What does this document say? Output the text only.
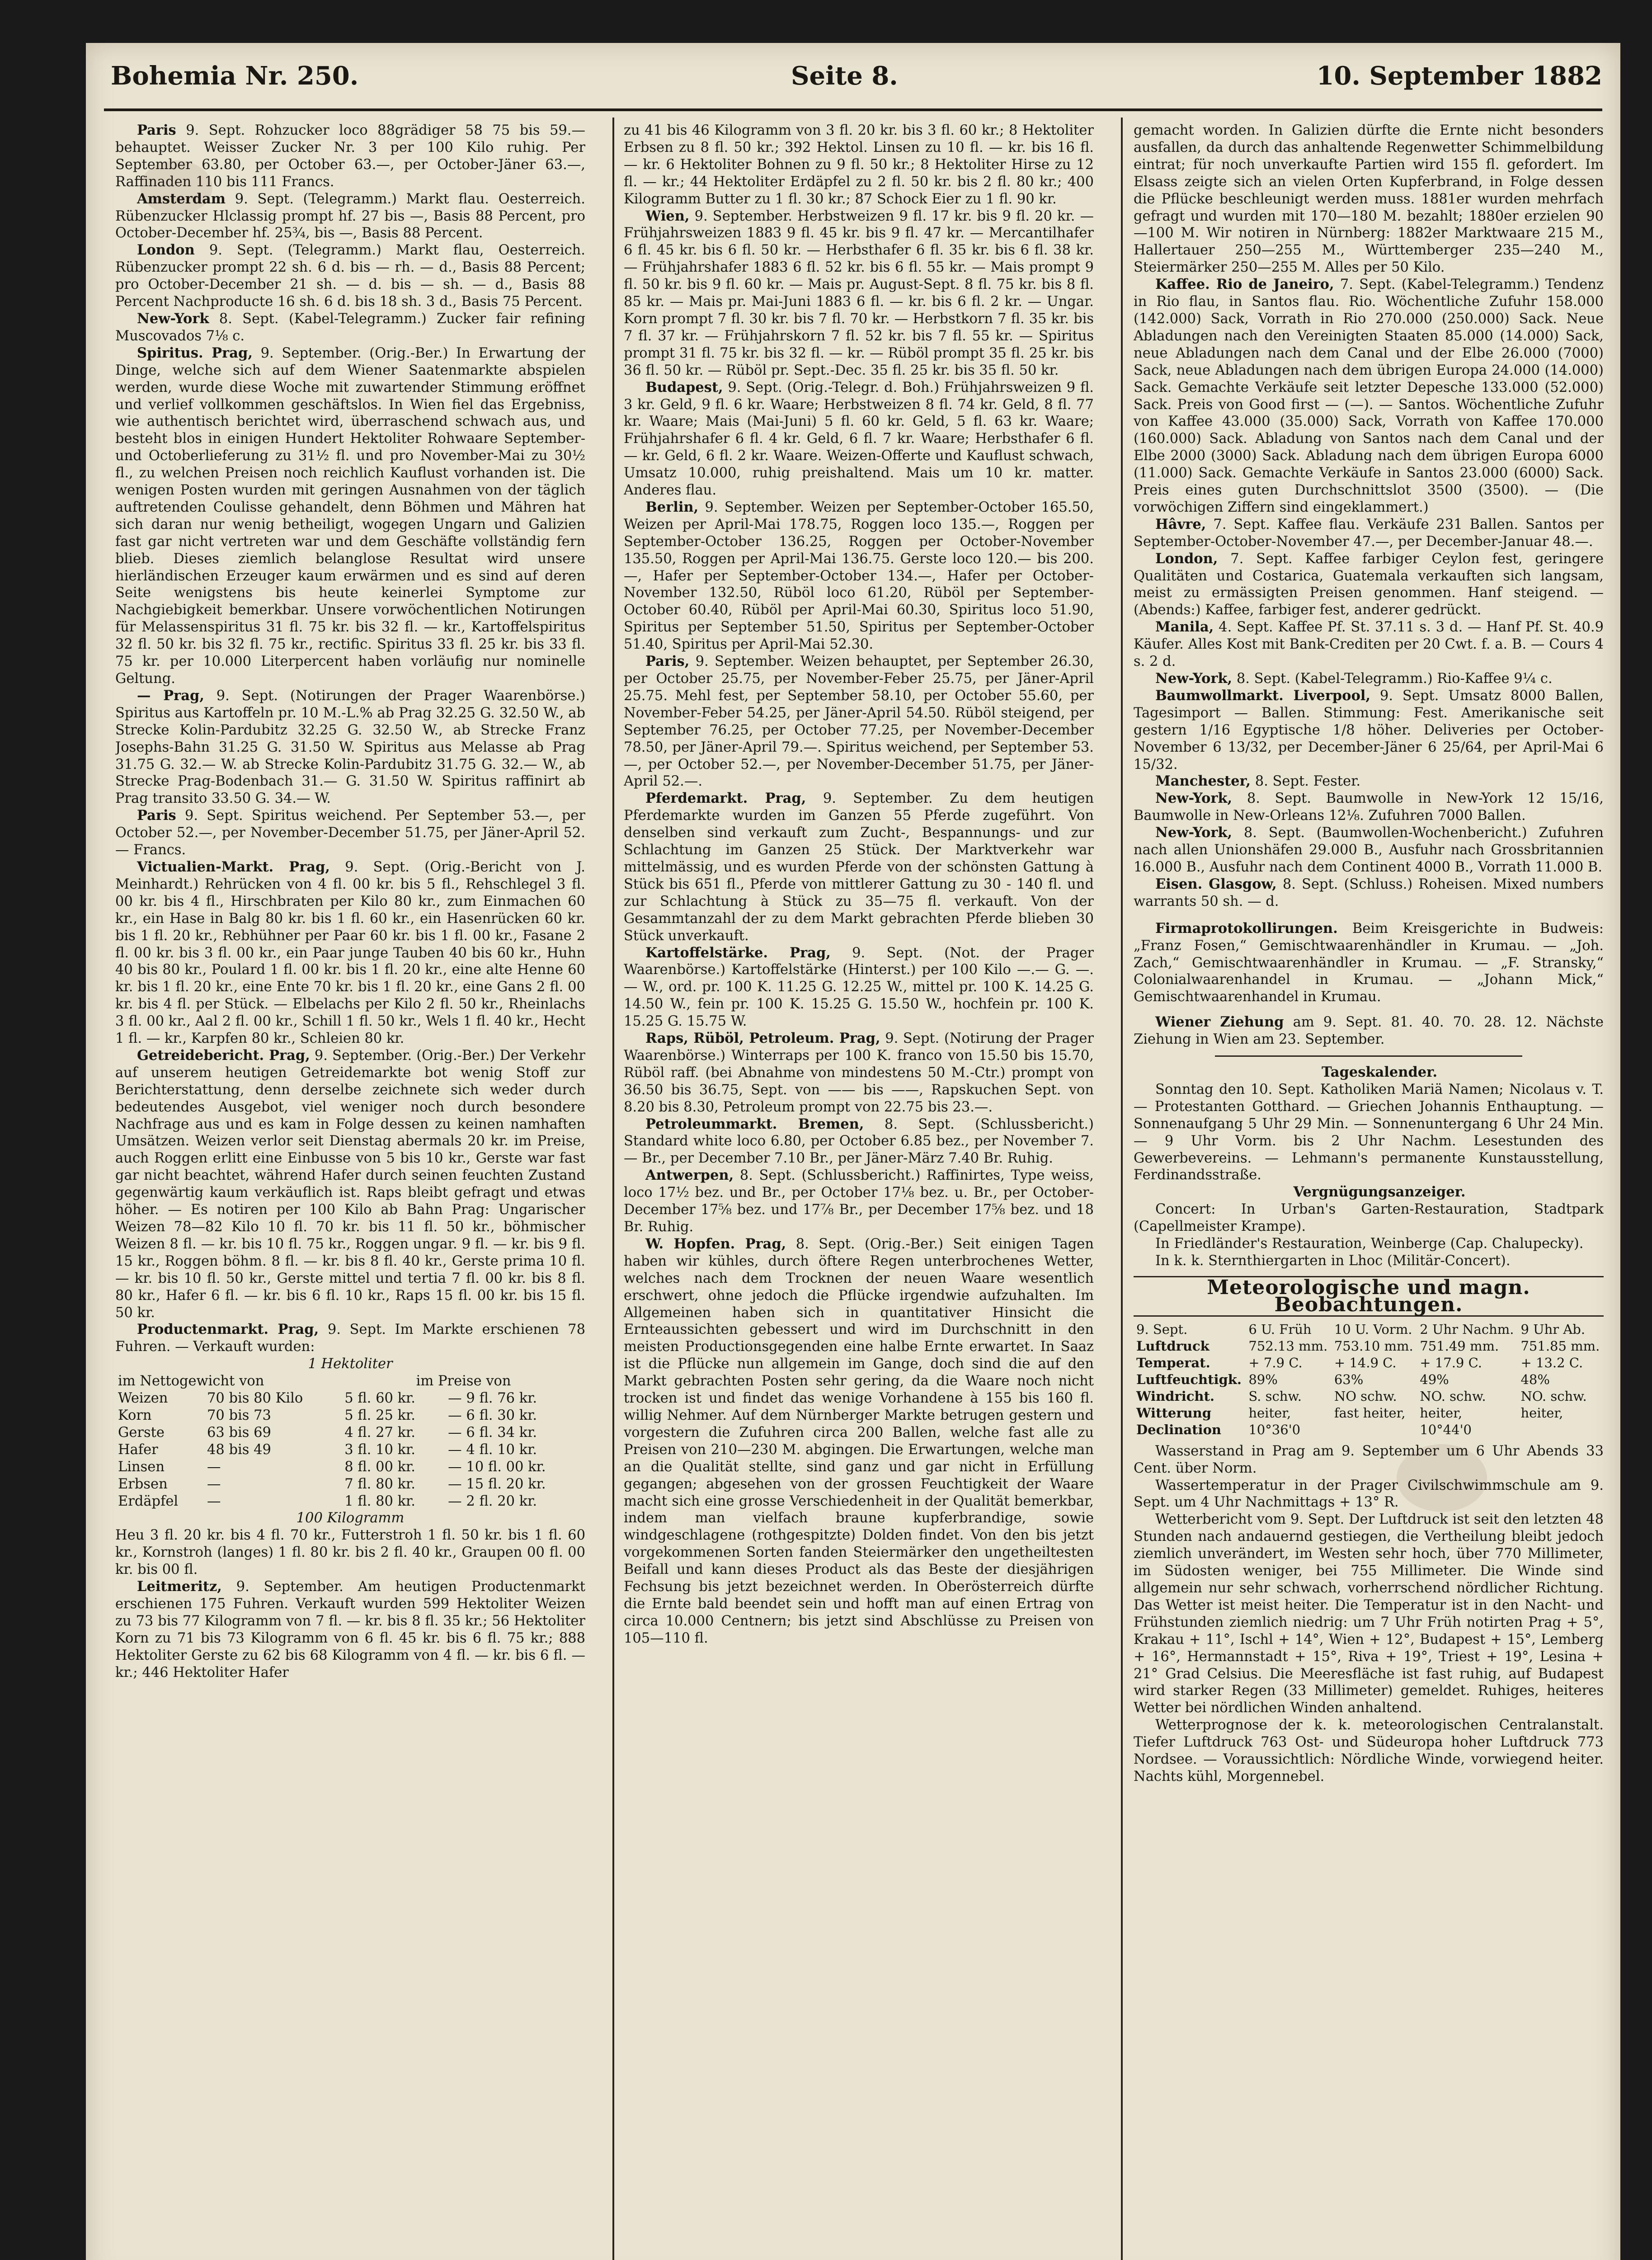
Bohemia Nr. 250.	Seite 8.	10. September 1882

Paris 9. Sept. Rohzucker loco 88grädiger 58 75 bis 59.— behauptet. Weisser Zucker Nr. 3 per 100 Kilo ruhig. Per September 63.80, per October 63.—, per October-Jäner 63.—, Raffinaden 110 bis 111 Francs.

Amsterdam 9. Sept. (Telegramm.) Markt flau. Oesterreich. Rübenzucker Hlclassig prompt hf. 27 bis —, Basis 88 Percent, pro October-December hf. 25¾, bis —, Basis 88 Percent.

London 9. Sept. (Telegramm.) Markt flau, Oesterreich. Rübenzucker prompt 22 sh. 6 d. bis — rh. — d., Basis 88 Percent; pro October-December 21 sh. — d. bis — sh. — d., Basis 88 Percent Nachproducte 16 sh. 6 d. bis 18 sh. 3 d., Basis 75 Percent.

New-York 8. Sept. (Kabel-Telegramm.) Zucker fair refining Muscovados 7⅛ c.

Spiritus. Prag, 9. September. (Orig.-Ber.) In Erwartung der Dinge, welche sich auf dem Wiener Saatenmarkte abspielen werden, wurde diese Woche mit zuwartender Stimmung eröffnet und verlief vollkommen geschäftslos. In Wien fiel das Ergebniss, wie authentisch berichtet wird, überraschend schwach aus, und besteht blos in einigen Hundert Hektoliter Rohwaare September- und Octoberlieferung zu 31½ fl. und pro November-Mai zu 30½ fl., zu welchen Preisen noch reichlich Kauflust vorhanden ist. Die wenigen Posten wurden mit geringen Ausnahmen von der täglich auftretenden Coulisse gehandelt, denn Böhmen und Mähren hat sich daran nur wenig betheiligt, wogegen Ungarn und Galizien fast gar nicht vertreten war und dem Geschäfte vollständig fern blieb. Dieses ziemlich belanglose Resultat wird unsere hierländischen Erzeuger kaum erwärmen und es sind auf deren Seite wenigstens bis heute keinerlei Symptome zur Nachgiebigkeit bemerkbar. Unsere vorwöchentlichen Notirungen für Melassenspiritus 31 fl. 75 kr. bis 32 fl. — kr., Kartoffelspiritus 32 fl. 50 kr. bis 32 fl. 75 kr., rectific. Spiritus 33 fl. 25 kr. bis 33 fl. 75 kr. per 10.000 Literpercent haben vorläufig nur nominelle Geltung.

— Prag, 9. Sept. (Notirungen der Prager Waarenbörse.) Spiritus aus Kartoffeln pr. 10 M.-L.% ab Prag 32.25 G. 32.50 W., ab Strecke Kolin-Pardubitz 32.25 G. 32.50 W., ab Strecke Franz Josephs-Bahn 31.25 G. 31.50 W. Spiritus aus Melasse ab Prag 31.75 G. 32.— W. ab Strecke Kolin-Pardubitz 31.75 G. 32.— W., ab Strecke Prag-Bodenbach 31.— G. 31.50 W. Spiritus raffinirt ab Prag transito 33.50 G. 34.— W.

Paris 9. Sept. Spiritus weichend. Per September 53.—, per October 52.—, per November-December 51.75, per Jäner-April 52.— Francs.

Victualien-Markt. Prag, 9. Sept. (Orig.-Bericht von J. Meinhardt.) Rehrücken von 4 fl. 00 kr. bis 5 fl., Rehschlegel 3 fl. 00 kr. bis 4 fl., Hirschbraten per Kilo 80 kr., zum Einmachen 60 kr., ein Hase in Balg 80 kr. bis 1 fl. 60 kr., ein Hasenrücken 60 kr. bis 1 fl. 20 kr., Rebhühner per Paar 60 kr. bis 1 fl. 00 kr., Fasane 2 fl. 00 kr. bis 3 fl. 00 kr., ein Paar junge Tauben 40 bis 60 kr., Huhn 40 bis 80 kr., Poulard 1 fl. 00 kr. bis 1 fl. 20 kr., eine alte Henne 60 kr. bis 1 fl. 20 kr., eine Ente 70 kr. bis 1 fl. 20 kr., eine Gans 2 fl. 00 kr. bis 4 fl. per Stück. — Elbelachs per Kilo 2 fl. 50 kr., Rheinlachs 3 fl. 00 kr., Aal 2 fl. 00 kr., Schill 1 fl. 50 kr., Wels 1 fl. 40 kr., Hecht 1 fl. — kr., Karpfen 80 kr., Schleien 80 kr.

Getreidebericht. Prag, 9. September. (Orig.-Ber.) Der Verkehr auf unserem heutigen Getreidemarkte bot wenig Stoff zur Berichterstattung, denn derselbe zeichnete sich weder durch bedeutendes Ausgebot, viel weniger noch durch besondere Nachfrage aus und es kam in Folge dessen zu keinen namhaften Umsätzen. Weizen verlor seit Dienstag abermals 20 kr. im Preise, auch Roggen erlitt eine Einbusse von 5 bis 10 kr., Gerste war fast gar nicht beachtet, während Hafer durch seinen feuchten Zustand gegenwärtig kaum verkäuflich ist. Raps bleibt gefragt und etwas höher. — Es notiren per 100 Kilo ab Bahn Prag: Ungarischer Weizen 78—82 Kilo 10 fl. 70 kr. bis 11 fl. 50 kr., böhmischer Weizen 8 fl. — kr. bis 10 fl. 75 kr., Roggen ungar. 9 fl. — kr. bis 9 fl. 15 kr., Roggen böhm. 8 fl. — kr. bis 8 fl. 40 kr., Gerste prima 10 fl. — kr. bis 10 fl. 50 kr., Gerste mittel und tertia 7 fl. 00 kr. bis 8 fl. 80 kr., Hafer 6 fl. — kr. bis 6 fl. 10 kr., Raps 15 fl. 00 kr. bis 15 fl. 50 kr.

Productenmarkt. Prag, 9. Sept. Im Markte erschienen 78 Fuhren. — Verkauft wurden:

1 Hektoliter

im Nettogewicht von		im Preise von	
Weizen	70 bis 80 Kilo	5 fl. 60 kr.	— 9 fl. 76 kr.
Korn	70 bis 73	5 fl. 25 kr.	— 6 fl. 30 kr.
Gerste	63 bis 69	4 fl. 27 kr.	— 6 fl. 34 kr.
Hafer	48 bis 49	3 fl. 10 kr.	— 4 fl. 10 kr.
Linsen	—	8 fl. 00 kr.	— 10 fl. 00 kr.
Erbsen	—	7 fl. 80 kr.	— 15 fl. 20 kr.
Erdäpfel	—	1 fl. 80 kr.	— 2 fl. 20 kr.

100 Kilogramm

Heu 3 fl. 20 kr. bis 4 fl. 70 kr., Futterstroh 1 fl. 50 kr. bis 1 fl. 60 kr., Kornstroh (langes) 1 fl. 80 kr. bis 2 fl. 40 kr., Graupen 00 fl. 00 kr. bis 00 fl.

Leitmeritz, 9. September. Am heutigen Productenmarkt erschienen 175 Fuhren. Verkauft wurden 599 Hektoliter Weizen zu 73 bis 77 Kilogramm von 7 fl. — kr. bis 8 fl. 35 kr.; 56 Hektoliter Korn zu 71 bis 73 Kilogramm von 6 fl. 45 kr. bis 6 fl. 75 kr.; 888 Hektoliter Gerste zu 62 bis 68 Kilogramm von 4 fl. — kr. bis 6 fl. — kr.; 446 Hektoliter Hafer

zu 41 bis 46 Kilogramm von 3 fl. 20 kr. bis 3 fl. 60 kr.; 8 Hektoliter Erbsen zu 8 fl. 50 kr.; 392 Hektol. Linsen zu 10 fl. — kr. bis 16 fl. — kr. 6 Hektoliter Bohnen zu 9 fl. 50 kr.; 8 Hektoliter Hirse zu 12 fl. — kr.; 44 Hektoliter Erdäpfel zu 2 fl. 50 kr. bis 2 fl. 80 kr.; 400 Kilogramm Butter zu 1 fl. 30 kr.; 87 Schock Eier zu 1 fl. 90 kr.

Wien, 9. September. Herbstweizen 9 fl. 17 kr. bis 9 fl. 20 kr. — Frühjahrsweizen 1883 9 fl. 45 kr. bis 9 fl. 47 kr. — Mercantilhafer 6 fl. 45 kr. bis 6 fl. 50 kr. — Herbsthafer 6 fl. 35 kr. bis 6 fl. 38 kr. — Frühjahrshafer 1883 6 fl. 52 kr. bis 6 fl. 55 kr. — Mais prompt 9 fl. 50 kr. bis 9 fl. 60 kr. — Mais pr. August-Sept. 8 fl. 75 kr. bis 8 fl. 85 kr. — Mais pr. Mai-Juni 1883 6 fl. — kr. bis 6 fl. 2 kr. — Ungar. Korn prompt 7 fl. 30 kr. bis 7 fl. 70 kr. — Herbstkorn 7 fl. 35 kr. bis 7 fl. 37 kr. — Frühjahrskorn 7 fl. 52 kr. bis 7 fl. 55 kr. — Spiritus prompt 31 fl. 75 kr. bis 32 fl. — kr. — Rüböl prompt 35 fl. 25 kr. bis 36 fl. 50 kr. — Rüböl pr. Sept.-Dec. 35 fl. 25 kr. bis 35 fl. 50 kr.

Budapest, 9. Sept. (Orig.-Telegr. d. Boh.) Frühjahrsweizen 9 fl. 3 kr. Geld, 9 fl. 6 kr. Waare; Herbstweizen 8 fl. 74 kr. Geld, 8 fl. 77 kr. Waare; Mais (Mai-Juni) 5 fl. 60 kr. Geld, 5 fl. 63 kr. Waare; Frühjahrshafer 6 fl. 4 kr. Geld, 6 fl. 7 kr. Waare; Herbsthafer 6 fl. — kr. Geld, 6 fl. 2 kr. Waare. Weizen-Offerte und Kauflust schwach, Umsatz 10.000, ruhig preishaltend. Mais um 10 kr. matter. Anderes flau.

Berlin, 9. September. Weizen per September-October 165.50, Weizen per April-Mai 178.75, Roggen loco 135.—, Roggen per September-October 136.25, Roggen per October-November 135.50, Roggen per April-Mai 136.75. Gerste loco 120.— bis 200.—, Hafer per September-October 134.—, Hafer per October-November 132.50, Rüböl loco 61.20, Rüböl per September-October 60.40, Rüböl per April-Mai 60.30, Spiritus loco 51.90, Spiritus per September 51.50, Spiritus per September-October 51.40, Spiritus per April-Mai 52.30.

Paris, 9. September. Weizen behauptet, per September 26.30, per October 25.75, per November-Feber 25.75, per Jäner-April 25.75. Mehl fest, per September 58.10, per October 55.60, per November-Feber 54.25, per Jäner-April 54.50. Rüböl steigend, per September 76.25, per October 77.25, per November-December 78.50, per Jäner-April 79.—. Spiritus weichend, per September 53.—, per October 52.—, per November-December 51.75, per Jäner-April 52.—.

Pferdemarkt. Prag, 9. September. Zu dem heutigen Pferdemarkte wurden im Ganzen 55 Pferde zugeführt. Von denselben sind verkauft zum Zucht-, Bespannungs- und zur Schlachtung im Ganzen 25 Stück. Der Marktverkehr war mittelmässig, und es wurden Pferde von der schönsten Gattung à Stück bis 651 fl., Pferde von mittlerer Gattung zu 30 - 140 fl. und zur Schlachtung à Stück zu 35—75 fl. verkauft. Von der Gesammtanzahl der zu dem Markt gebrachten Pferde blieben 30 Stück unverkauft.

Kartoffelstärke. Prag, 9. Sept. (Not. der Prager Waarenbörse.) Kartoffelstärke (Hinterst.) per 100 Kilo —.— G. —.— W., ord. pr. 100 K. 11.25 G. 12.25 W., mittel pr. 100 K. 14.25 G. 14.50 W., fein pr. 100 K. 15.25 G. 15.50 W., hochfein pr. 100 K. 15.25 G. 15.75 W.

Raps, Rüböl, Petroleum. Prag, 9. Sept. (Notirung der Prager Waarenbörse.) Winterraps per 100 K. franco von 15.50 bis 15.70, Rüböl raff. (bei Abnahme von mindestens 50 M.-Ctr.) prompt von 36.50 bis 36.75, Sept. von —— bis ——, Rapskuchen Sept. von 8.20 bis 8.30, Petroleum prompt von 22.75 bis 23.—.

Petroleummarkt. Bremen, 8. Sept. (Schlussbericht.) Standard white loco 6.80, per October 6.85 bez., per November 7.— Br., per December 7.10 Br., per Jäner-März 7.40 Br. Ruhig.

Antwerpen, 8. Sept. (Schlussbericht.) Raffinirtes, Type weiss, loco 17½ bez. und Br., per October 17⅛ bez. u. Br., per October-December 17⅝ bez. und 17⅞ Br., per December 17⅝ bez. und 18 Br. Ruhig.

W. Hopfen. Prag, 8. Sept. (Orig.-Ber.) Seit einigen Tagen haben wir kühles, durch öftere Regen unterbrochenes Wetter, welches nach dem Trocknen der neuen Waare wesentlich erschwert, ohne jedoch die Pflücke irgendwie aufzuhalten. Im Allgemeinen haben sich in quantitativer Hinsicht die Ernteaussichten gebessert und wird im Durchschnitt in den meisten Productionsgegenden eine halbe Ernte erwartet. In Saaz ist die Pflücke nun allgemein im Gange, doch sind die auf den Markt gebrachten Posten sehr gering, da die Waare noch nicht trocken ist und findet das wenige Vorhandene à 155 bis 160 fl. willig Nehmer. Auf dem Nürnberger Markte betrugen gestern und vorgestern die Zufuhren circa 200 Ballen, welche fast alle zu Preisen von 210—230 M. abgingen. Die Erwartungen, welche man an die Qualität stellte, sind ganz und gar nicht in Erfüllung gegangen; abgesehen von der grossen Feuchtigkeit der Waare macht sich eine grosse Verschiedenheit in der Qualität bemerkbar, indem man vielfach braune kupferbrandige, sowie windgeschlagene (rothgespitzte) Dolden findet. Von den bis jetzt vorgekommenen Sorten fanden Steiermärker den ungetheiltesten Beifall und kann dieses Product als das Beste der diesjährigen Fechsung bis jetzt bezeichnet werden. In Oberösterreich dürfte die Ernte bald beendet sein und hofft man auf einen Ertrag von circa 10.000 Centnern; bis jetzt sind Abschlüsse zu Preisen von 105—110 fl.

gemacht worden. In Galizien dürfte die Ernte nicht besonders ausfallen, da durch das anhaltende Regenwetter Schimmelbildung eintrat; für noch unverkaufte Partien wird 155 fl. gefordert. Im Elsass zeigte sich an vielen Orten Kupferbrand, in Folge dessen die Pflücke beschleunigt werden muss. 1881er wurden mehrfach gefragt und wurden mit 170—180 M. bezahlt; 1880er erzielen 90—100 M. Wir notiren in Nürnberg: 1882er Marktwaare 215 M., Hallertauer 250—255 M., Württemberger 235—240 M., Steiermärker 250—255 M. Alles per 50 Kilo.

Kaffee. Rio de Janeiro, 7. Sept. (Kabel-Telegramm.) Tendenz in Rio flau, in Santos flau. Rio. Wöchentliche Zufuhr 158.000 (142.000) Sack, Vorrath in Rio 270.000 (250.000) Sack. Neue Abladungen nach den Vereinigten Staaten 85.000 (14.000) Sack, neue Abladungen nach dem Canal und der Elbe 26.000 (7000) Sack, neue Abladungen nach dem übrigen Europa 24.000 (14.000) Sack. Gemachte Verkäufe seit letzter Depesche 133.000 (52.000) Sack. Preis von Good first — (—). — Santos. Wöchentliche Zufuhr von Kaffee 43.000 (35.000) Sack, Vorrath von Kaffee 170.000 (160.000) Sack. Abladung von Santos nach dem Canal und der Elbe 2000 (3000) Sack. Abladung nach dem übrigen Europa 6000 (11.000) Sack. Gemachte Verkäufe in Santos 23.000 (6000) Sack. Preis eines guten Durchschnittslot 3500 (3500). — (Die vorwöchigen Ziffern sind eingeklammert.)

Hâvre, 7. Sept. Kaffee flau. Verkäufe 231 Ballen. Santos per September-October-November 47.—, per December-Januar 48.—.

London, 7. Sept. Kaffee farbiger Ceylon fest, geringere Qualitäten und Costarica, Guatemala verkauften sich langsam, meist zu ermässigten Preisen genommen. Hanf steigend. — (Abends:) Kaffee, farbiger fest, anderer gedrückt.

Manila, 4. Sept. Kaffee Pf. St. 37.11 s. 3 d. — Hanf Pf. St. 40.9 Käufer. Alles Kost mit Bank-Crediten per 20 Cwt. f. a. B. — Cours 4 s. 2 d.

New-York, 8. Sept. (Kabel-Telegramm.) Rio-Kaffee 9¼ c.

Baumwollmarkt. Liverpool, 9. Sept. Umsatz 8000 Ballen, Tagesimport — Ballen. Stimmung: Fest. Amerikanische seit gestern 1/16 Egyptische 1/8 höher. Deliveries per October-November 6 13/32, per December-Jäner 6 25/64, per April-Mai 6 15/32.

Manchester, 8. Sept. Fester.

New-York, 8. Sept. Baumwolle in New-York 12 15/16, Baumwolle in New-Orleans 12⅛. Zufuhren 7000 Ballen.

New-York, 8. Sept. (Baumwollen-Wochenbericht.) Zufuhren nach allen Unionshäfen 29.000 B., Ausfuhr nach Grossbritannien 16.000 B., Ausfuhr nach dem Continent 4000 B., Vorrath 11.000 B.

Eisen. Glasgow, 8. Sept. (Schluss.) Roheisen. Mixed numbers warrants 50 sh. — d.

Firmaprotokollirungen. Beim Kreisgerichte in Budweis: „Franz Fosen,“ Gemischtwaarenhändler in Krumau. — „Joh. Zach,“ Gemischtwaarenhändler in Krumau. — „F. Stransky,“ Colonialwaarenhandel in Krumau. — „Johann Mick,“ Gemischtwaarenhandel in Krumau.

Wiener Ziehung am 9. Sept. 81. 40. 70. 28. 12. Nächste Ziehung in Wien am 23. September.

Tageskalender.

Sonntag den 10. Sept. Katholiken Mariä Namen; Nicolaus v. T. — Protestanten Gotthard. — Griechen Johannis Enthauptung. — Sonnenaufgang 5 Uhr 29 Min. — Sonnenuntergang 6 Uhr 24 Min. — 9 Uhr Vorm. bis 2 Uhr Nachm. Lesestunden des Gewerbevereins. — Lehmann's permanente Kunstausstellung, Ferdinandsstraße.

Vergnügungsanzeiger.

Concert: In Urban's Garten-Restauration, Stadtpark (Capellmeister Krampe).

In Friedländer's Restauration, Weinberge (Cap. Chalupecky).

In k. k. Sternthiergarten in Lhoc (Militär-Concert).

Meteorologische und magn. Beobachtungen.
9. Sept.	6 U. Früh	10 U. Vorm.	2 Uhr Nachm.	9 Uhr Ab.
Luftdruck	752.13 mm.	753.10 mm.	751.49 mm.	751.85 mm.
Temperat.	+ 7.9 C.	+ 14.9 C.	+ 17.9 C.	+ 13.2 C.
Luftfeuchtigk.	89%	63%	49%	48%
Windricht.	S. schw.	NO schw.	NO. schw.	NO. schw.
Witterung	heiter,	fast heiter,	heiter,	heiter,
Declination	10°36'0		10°44'0	

Wasserstand in Prag am 9. September um 6 Uhr Abends 33 Cent. über Norm.

Wassertemperatur in der Prager Civilschwimmschule am 9. Sept. um 4 Uhr Nachmittags + 13° R.

Wetterbericht vom 9. Sept. Der Luftdruck ist seit den letzten 48 Stunden nach andauernd gestiegen, die Vertheilung bleibt jedoch ziemlich unverändert, im Westen sehr hoch, über 770 Millimeter, im Südosten weniger, bei 755 Millimeter. Die Winde sind allgemein nur sehr schwach, vorherrschend nördlicher Richtung. Das Wetter ist meist heiter. Die Temperatur ist in den Nacht- und Frühstunden ziemlich niedrig: um 7 Uhr Früh notirten Prag + 5°, Krakau + 11°, Ischl + 14°, Wien + 12°, Budapest + 15°, Lemberg + 16°, Hermannstadt + 15°, Riva + 19°, Triest + 19°, Lesina + 21° Grad Celsius. Die Meeresfläche ist fast ruhig, auf Budapest wird starker Regen (33 Millimeter) gemeldet. Ruhiges, heiteres Wetter bei nördlichen Winden anhaltend.

Wetterprognose der k. k. meteorologischen Centralanstalt. Tiefer Luftdruck 763 Ost- und Südeuropa hoher Luftdruck 773 Nordsee. — Voraussichtlich: Nördliche Winde, vorwiegend heiter. Nachts kühl, Morgennebel.
